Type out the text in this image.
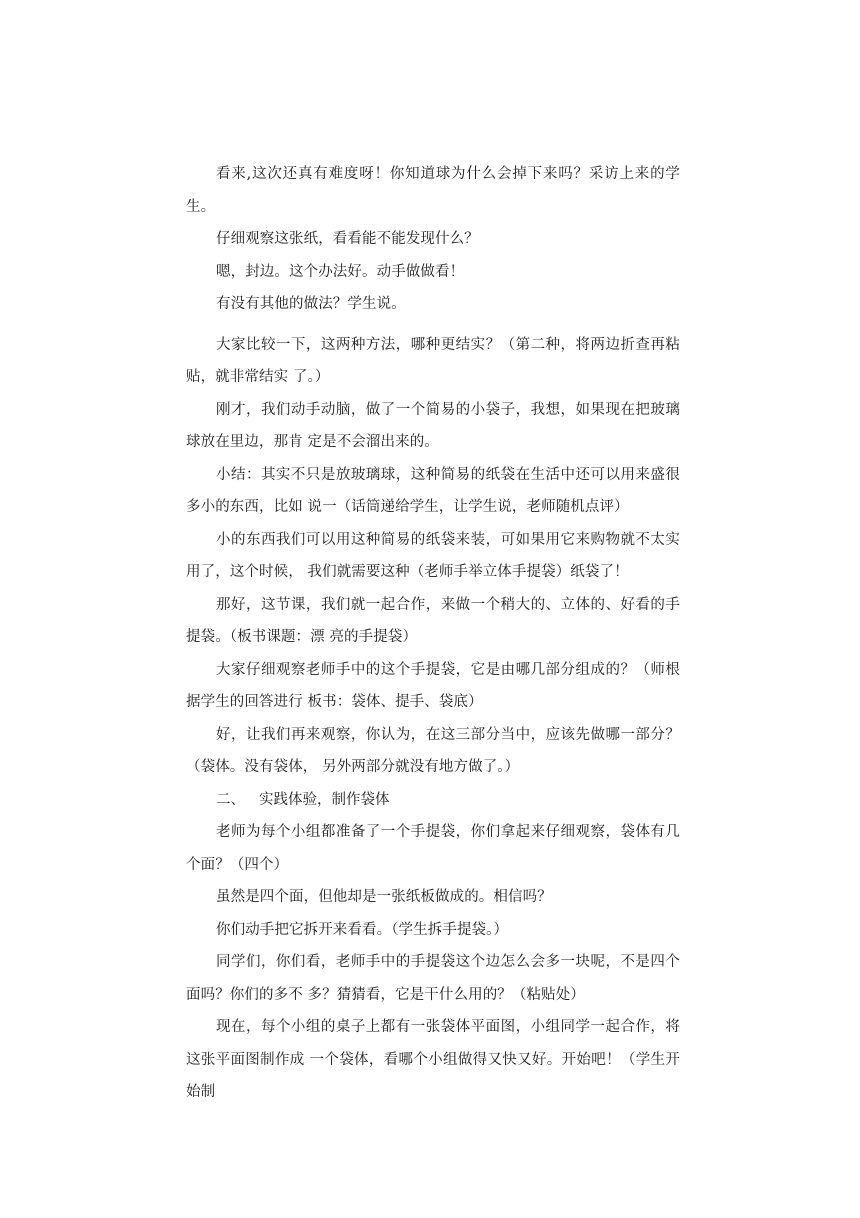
看来,这次还真有难度呀！你知道球为什么会掉下来吗？采访上来的学生。

仔细观察这张纸，看看能不能发现什么？

嗯，封边。这个办法好。动手做做看！

有没有其他的做法？学生说。

大家比较一下，这两种方法，哪种更结实？（第二种，将两边折查再粘贴，就非常结实 了。）

刚才，我们动手动脑，做了一个简易的小袋子，我想，如果现在把玻璃球放在里边，那肯 定是不会溜出来的。

小结：其实不只是放玻璃球，这种简易的纸袋在生活中还可以用来盛很多小的东西，比如 说一（话筒递给学生，让学生说，老师随机点评）

小的东西我们可以用这种简易的纸袋来装，可如果用它来购物就不太实用了，这个时候， 我们就需要这种（老师手举立体手提袋）纸袋了！

那好，这节课，我们就一起合作，来做一个稍大的、立体的、好看的手提袋。（板书课题：漂 亮的手提袋）

大家仔细观察老师手中的这个手提袋，它是由哪几部分组成的？（师根据学生的回答进行 板书：袋体、提手、袋底）

好，让我们再来观察，你认为，在这三部分当中，应该先做哪一部分？（袋体。没有袋体， 另外两部分就没有地方做了。）

二、 实践体验，制作袋体

老师为每个小组都准备了一个手提袋，你们拿起来仔细观察，袋体有几个面？（四个）

虽然是四个面，但他却是一张纸板做成的。相信吗？

你们动手把它拆开来看看。（学生拆手提袋。）

同学们，你们看，老师手中的手提袋这个边怎么会多一块呢，不是四个面吗？你们的多不 多？猜猜看，它是干什么用的？（粘贴处）

现在，每个小组的桌子上都有一张袋体平面图，小组同学一起合作，将这张平面图制作成 一个袋体，看哪个小组做得又快又好。开始吧！（学生开始制
